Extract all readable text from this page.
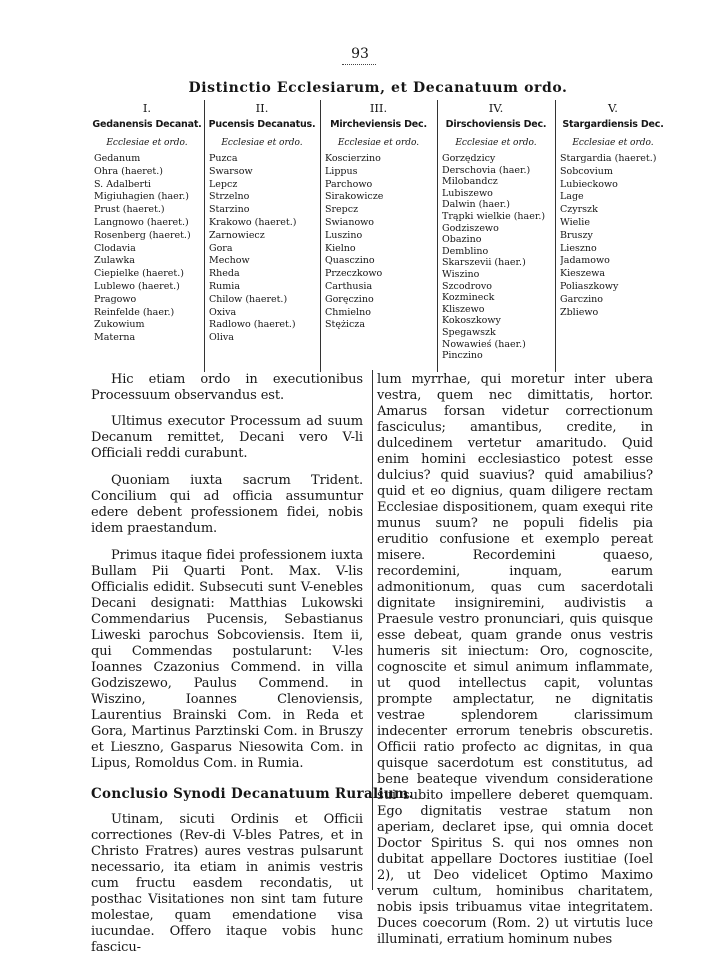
93
Distinctio Ecclesiarum, et Decanatuum ordo.
I.
Gedanensis Decanat.
Ecclesiae et ordo.
Gedanum
Ohra (haeret.)
S. Adalberti
Migiuhagien (haer.)
Prust (haeret.)
Langnowo (haeret.)
Rosenberg (haeret.)
Clodavia
Zulawka
Ciepielke (haeret.)
Lublewo (haeret.)
Pragowo
Reinfelde (haer.)
Zukowium
Materna
II.
Pucensis Decanatus.
Ecclesiae et ordo.
Puzca
Swarsow
Lepcz
Strzelno
Starzino
Krakowo (haeret.)
Zarnowiecz
Gora
Mechow
Rheda
Rumia
Chilow (haeret.)
Oxiva
Radlowo (haeret.)
Oliva
III.
Mircheviensis Dec.
Ecclesiae et ordo.
Koscierzino
Lippus
Parchowo
Sirakowicze
Srepcz
Swianowo
Luszino
Kielno
Quasczino
Przeczkowo
Carthusia
Goręczino
Chmielno
Stężicza
IV.
Dirschoviensis Dec.
Ecclesiae et ordo.
Gorzędzicy
Derschovia (haer.)
Milobandcz
Lubiszewo
Dalwin (haer.)
Trąpki wielkie (haer.)
Godziszewo
Obazino
Demblino
Skarszevii (haer.)
Wiszino
Szcodrovo
Kozmineck
Kliszewo
Kokoszkowy
Spegawszk
Nowawieś (haer.)
Pinczino
V.
Stargardiensis Dec.
Ecclesiae et ordo.
Stargardia (haeret.)
Sobcovium
Lubieckowo
Lage
Czyrszk
Wielie
Bruszy
Lieszno
Jadamowo
Kieszewa
Poliaszkowy
Garczino
Zbliewo

Hic etiam ordo in executionibus Processuum observandus est.

Ultimus executor Processum ad suum Decanum remittet, Decani vero V-li Officiali reddi curabunt.

Quoniam iuxta sacrum Trident. Concilium qui ad officia assumuntur edere debent professionem fidei, nobis idem praestandum.

Primus itaque fidei professionem iuxta Bullam Pii Quarti Pont. Max. V-lis Officialis edidit. Subsecuti sunt V-enebles Decani designati: Matthias Lukowski Commendarius Pucensis, Sebastianus Liweski parochus Sobcoviensis. Item ii, qui Commendas postularunt: V-les Ioannes Czazonius Commend. in villa Godziszewo, Paulus Commend. in Wiszino, Ioannes Clenoviensis, Laurentius Brainski Com. in Reda et Gora, Martinus Parztinski Com. in Bruszy et Lieszno, Gasparus Niesowita Com. in Lipus, Romoldus Com. in Rumia.

Conclusio Synodi Decanatuum Ruralium.

Utinam, sicuti Ordinis et Officii correctiones (Rev-di V-bles Patres, et in Christo Fratres) aures vestras pulsarunt necessario, ita etiam in animis vestris cum fructu easdem recondatis, ut posthac Visitationes non sint tam future molestae, quam emendatione visa iucundae. Offero itaque vobis hunc fascicu-

lum myrrhae, qui moretur inter ubera vestra, quem nec dimittatis, hortor. Amarus forsan videtur correctionum fasciculus; amantibus, credite, in dulcedinem vertetur amaritudo. Quid enim homini ecclesiastico potest esse dulcius? quid suavius? quid amabilius? quid et eo dignius, quam diligere rectam Ecclesiae dispositionem, quam exequi rite munus suum? ne populi fidelis pia eruditio confusione et exemplo pereat misere. Recordemini quaeso, recordemini, inquam, earum admonitionum, quas cum sacerdotali dignitate insigniremini, audivistis a Praesule vestro pronunciari, quis quisque esse debeat, quam grande onus vestris humeris sit iniectum: Oro, cognoscite, cognoscite et simul animum inflammate, ut quod intellectus capit, voluntas prompte amplectatur, ne dignitatis vestrae splendorem clarissimum indecenter errorum tenebris obscuretis. Officii ratio profecto ac dignitas, in qua quisque sacerdotum est constitutus, ad bene beateque vivendum considerationе sui subito impellere deberet quemquam. Ego dignitatis vestrae statum non aperiam, declaret ipse, qui omnia docet Doctor Spiritus S. qui nos omnes non dubitat appellare Doctores iustitiae (Ioel 2), ut Deo videlicet Optimo Maximo verum cultum, hominibus charitatem, nobis ipsis tribuamus vitae integritatem. Duces coecorum (Rom. 2) ut virtutis luce illuminati, erratium hominum nubes
